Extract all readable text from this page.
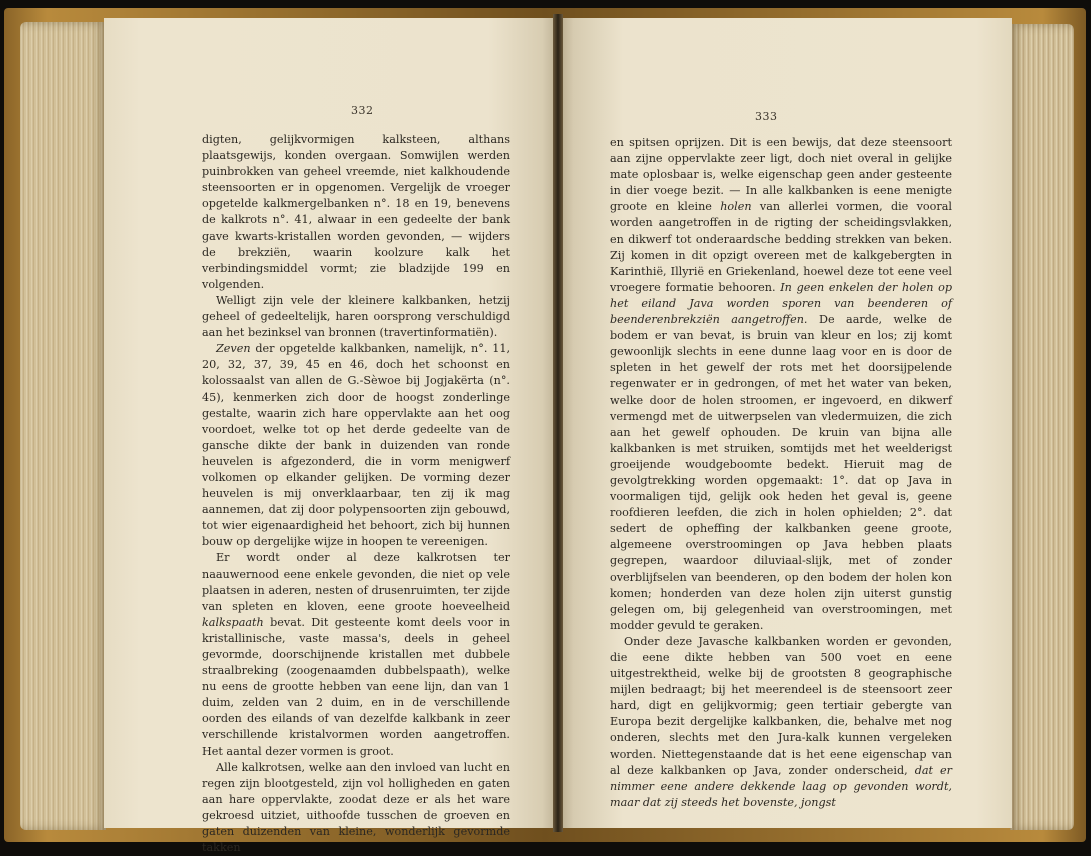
332

digten, gelijkvormigen kalksteen, althans plaatsgewijs, konden overgaan. Somwijlen werden puinbrokken van geheel vreemde, niet kalkhoudende steensoorten er in opgenomen. Vergelijk de vroeger opgetelde kalkmergelbanken n°. 18 en 19, benevens de kalkrots n°. 41, alwaar in een gedeelte der bank gave kwarts-kristallen worden gevonden, — wijders de brekziën, waarin koolzure kalk het verbindingsmiddel vormt; zie bladzijde 199 en volgenden.

Welligt zijn vele der kleinere kalkbanken, hetzij geheel of gedeeltelijk, haren oorsprong verschuldigd aan het bezinksel van bronnen (travertinformatiën).

Zeven der opgetelde kalkbanken, namelijk, n°. 11, 20, 32, 37, 39, 45 en 46, doch het schoonst en kolossaalst van allen de G.-Sèwoe bij Jogjakërta (n°. 45), kenmerken zich door de hoogst zonderlinge gestalte, waarin zich hare oppervlakte aan het oog voordoet, welke tot op het derde gedeelte van de gansche dikte der bank in duizenden van ronde heuvelen is afgezonderd, die in vorm menigwerf volkomen op elkander gelijken. De vorming dezer heuvelen is mij onverklaarbaar, ten zij ik mag aannemen, dat zij door polypensoorten zijn gebouwd, tot wier eigenaardigheid het behoort, zich bij hunnen bouw op dergelijke wijze in hoopen te vereenigen.

Er wordt onder al deze kalkrotsen ter naauwernood eene enkele gevonden, die niet op vele plaatsen in aderen, nesten of drusenruimten, ter zijde van spleten en kloven, eene groote hoeveelheid kalkspaath bevat. Dit gesteente komt deels voor in kristallinische, vaste massa's, deels in geheel gevormde, doorschijnende kristallen met dubbele straalbreking (zoogenaamden dubbelspaath), welke nu eens de grootte hebben van eene lijn, dan van 1 duim, zelden van 2 duim, en in de verschillende oorden des eilands of van dezelfde kalkbank in zeer verschillende kristalvormen worden aangetroffen. Het aantal dezer vormen is groot.

Alle kalkrotsen, welke aan den invloed van lucht en regen zijn blootgesteld, zijn vol holligheden en gaten aan hare oppervlakte, zoodat deze er als het ware gekroesd uitziet, uithoofde tusschen de groeven en gaten duizenden van kleine, wonderlijk gevormde takken

333

en spitsen oprijzen. Dit is een bewijs, dat deze steensoort aan zijne oppervlakte zeer ligt, doch niet overal in gelijke mate oplosbaar is, welke eigenschap geen ander gesteente in dier voege bezit. — In alle kalkbanken is eene menigte groote en kleine holen van allerlei vormen, die vooral worden aangetroffen in de rigting der scheidingsvlakken, en dikwerf tot onderaardsche bedding strekken van beken. Zij komen in dit opzigt overeen met de kalkgebergten in Karinthië, Illyrië en Griekenland, hoewel deze tot eene veel vroegere formatie behooren. In geen enkelen der holen op het eiland Java worden sporen van beenderen of beenderenbrekziën aangetroffen. De aarde, welke de bodem er van bevat, is bruin van kleur en los; zij komt gewoonlijk slechts in eene dunne laag voor en is door de spleten in het gewelf der rots met het doorsijpelende regenwater er in gedrongen, of met het water van beken, welke door de holen stroomen, er ingevoerd, en dikwerf vermengd met de uitwerpselen van vledermuizen, die zich aan het gewelf ophouden. De kruin van bijna alle kalkbanken is met struiken, somtijds met het weelderigst groeijende woudgeboomte bedekt. Hieruit mag de gevolgtrekking worden opgemaakt: 1°. dat op Java in voormaligen tijd, gelijk ook heden het geval is, geene roofdieren leefden, die zich in holen ophielden; 2°. dat sedert de opheffing der kalkbanken geene groote, algemeene overstroomingen op Java hebben plaats gegrepen, waardoor diluviaal-slijk, met of zonder overblijfselen van beenderen, op den bodem der holen kon komen; honderden van deze holen zijn uiterst gunstig gelegen om, bij gelegenheid van overstroomingen, met modder gevuld te geraken.

Onder deze Javasche kalkbanken worden er gevonden, die eene dikte hebben van 500 voet en eene uitgestrektheid, welke bij de grootsten 8 geographische mijlen bedraagt; bij het meerendeel is de steensoort zeer hard, digt en gelijkvormig; geen tertiair gebergte van Europa bezit dergelijke kalkbanken, die, behalve met nog onderen, slechts met den Jura-kalk kunnen vergeleken worden. Niettegenstaande dat is het eene eigenschap van al deze kalkbanken op Java, zonder onderscheid, dat er nimmer eene andere dekkende laag op gevonden wordt, maar dat zij steeds het bovenste, jongst
